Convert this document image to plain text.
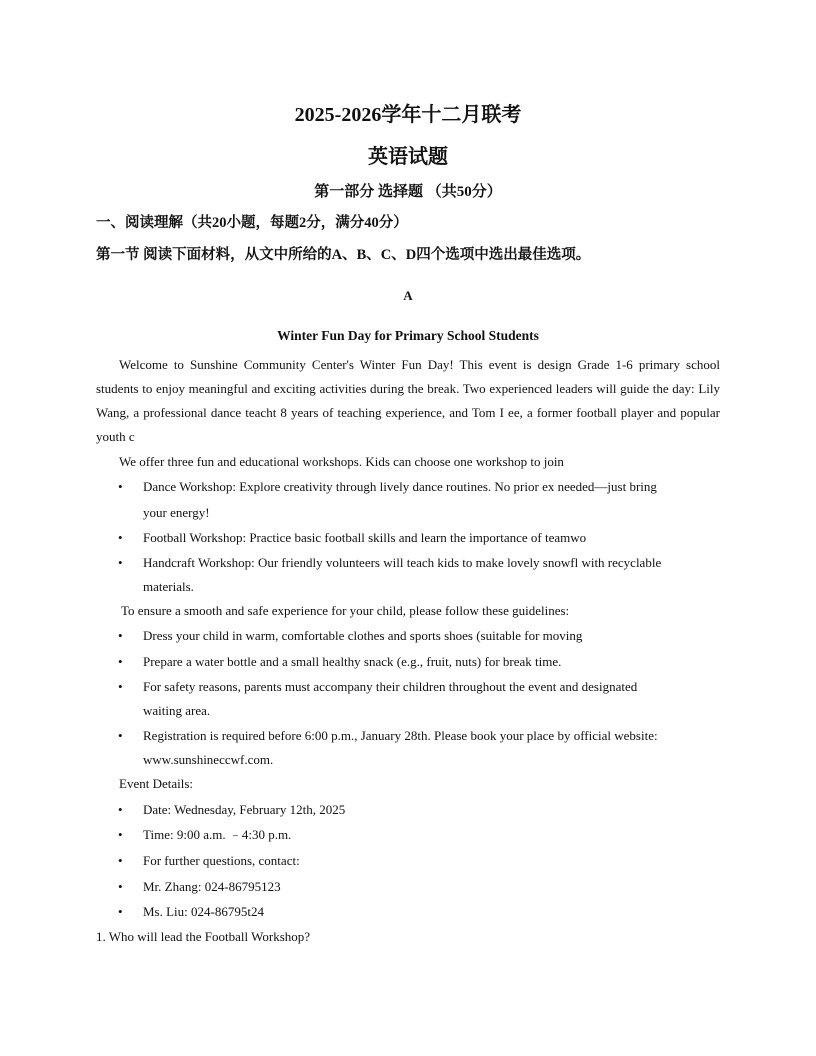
2025-2026学年十二月联考
英语试题
第一部分 选择题 （共50分）
一、阅读理解（共20小题，每题2分，满分40分）
第一节 阅读下面材料，从文中所给的A、B、C、D四个选项中选出最佳选项。
A
Winter Fun Day for Primary School Students

Welcome to Sunshine Community Center's Winter Fun Day! This event is design Grade 1-6 primary school students to enjoy meaningful and exciting activities during the break. Two experienced leaders will guide the day: Lily Wang, a professional dance teacht 8 years of teaching experience, and Tom I ee, a former football player and popular youth c

We offer three fun and educational workshops. Kids can choose one workshop to join
•	Dance Workshop: Explore creativity through lively dance routines. No prior ex needed—just bring
your energy!
•	Football Workshop: Practice basic football skills and learn the importance of teamwo
•	Handcraft Workshop: Our friendly volunteers will teach kids to make lovely snowfl with recyclable
materials.
To ensure a smooth and safe experience for your child, please follow these guidelines:
•	Dress your child in warm, comfortable clothes and sports shoes (suitable for moving
•	Prepare a water bottle and a small healthy snack (e.g., fruit, nuts) for break time.
•	For safety reasons, parents must accompany their children throughout the event and designated
waiting area.
•	Registration is required before 6:00 p.m., January 28th. Please book your place by official website:
www.sunshineccwf.com.
Event Details:
•	Date: Wednesday, February 12th, 2025
•	Time: 9:00 a.m. ﹣4:30 p.m.
•	For further questions, contact:
•	Mr. Zhang: 024-86795123
•	Ms. Liu: 024-86795t24
1. Who will lead the Football Workshop?
